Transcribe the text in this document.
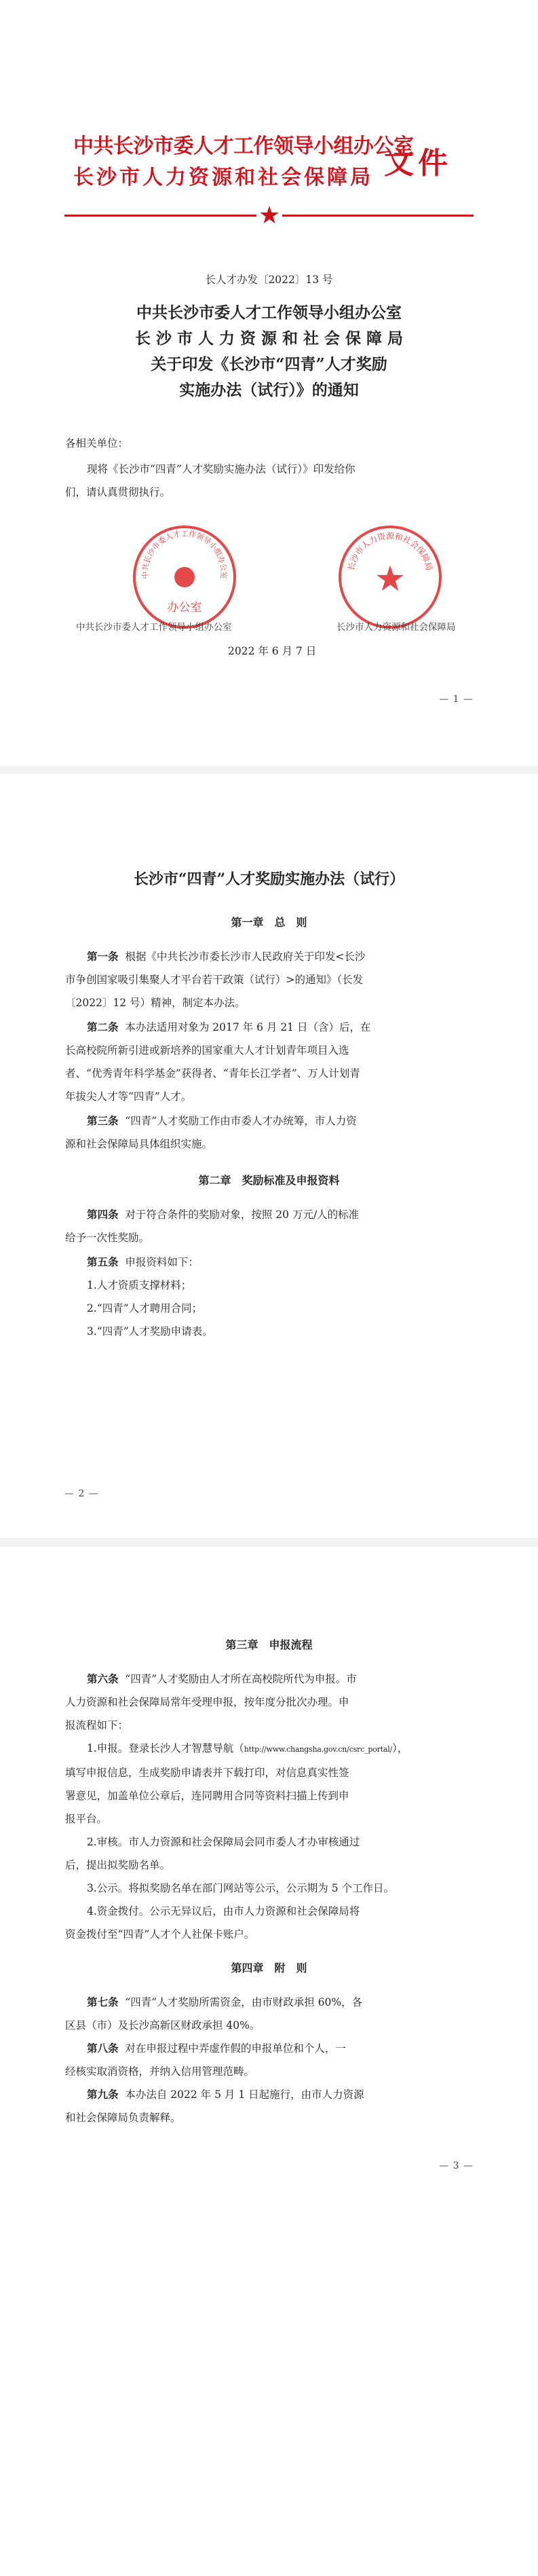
中共长沙市委人才工作领导小组办公室
长沙市人力资源和社会保障局 文件
★
长人才办发〔2022〕13 号
中共长沙市委人才工作领导小组办公室
长 沙 市 人 力 资 源 和 社 会 保 障 局
关于印发《长沙市“四青”人才奖励
实施办法（试行）》的通知
各相关单位：
现将《长沙市“四青”人才奖励实施办法（试行）》印发给你
们，请认真贯彻执行。
中共长沙市委人才工作领导小组办公室
办公室
长沙市人力资源和社会保障局
★
中共长沙市委人才工作领导小组办公室	长沙市人力资源和社会保障局
2022 年 6 月 7 日
— 1 —
长沙市“四青”人才奖励实施办法（试行）
第一章　总　则
第一条 根据《中共长沙市委长沙市人民政府关于印发<长沙
市争创国家吸引集聚人才平台若干政策（试行）>的通知》（长发
〔2022〕12 号）精神，制定本办法。
第二条 本办法适用对象为 2017 年 6 月 21 日（含）后，在
长高校院所新引进或新培养的国家重大人才计划青年项目入选
者、“优秀青年科学基金”获得者、“青年长江学者”、万人计划青
年拔尖人才等“四青”人才。
第三条 “四青”人才奖励工作由市委人才办统筹，市人力资
源和社会保障局具体组织实施。
第二章　奖励标准及申报资料
第四条 对于符合条件的奖励对象，按照 20 万元/人的标准
给予一次性奖励。
第五条 申报资料如下：
1.人才资质支撑材料；
2.“四青”人才聘用合同；
3.“四青”人才奖励申请表。
— 2 —
第三章　申报流程
第六条 “四青”人才奖励由人才所在高校院所代为申报。市
人力资源和社会保障局常年受理申报，按年度分批次办理。申
报流程如下：
1.申报。登录长沙人才智慧导航（http://www.changsha.gov.cn/csrc_portal/），
填写申报信息，生成奖励申请表并下载打印，对信息真实性签
署意见，加盖单位公章后，连同聘用合同等资料扫描上传到申
报平台。
2.审核。市人力资源和社会保障局会同市委人才办审核通过
后，提出拟奖励名单。
3.公示。将拟奖励名单在部门网站等公示，公示期为 5 个工作日。
4.资金拨付。公示无异议后，由市人力资源和社会保障局将
资金拨付至“四青”人才个人社保卡账户。
第四章　附　则
第七条 “四青”人才奖励所需资金，由市财政承担 60%，各
区县（市）及长沙高新区财政承担 40%。
第八条 对在申报过程中弄虚作假的申报单位和个人，一
经核实取消资格，并纳入信用管理范畴。
第九条 本办法自 2022 年 5 月 1 日起施行，由市人力资源
和社会保障局负责解释。
— 3 —
